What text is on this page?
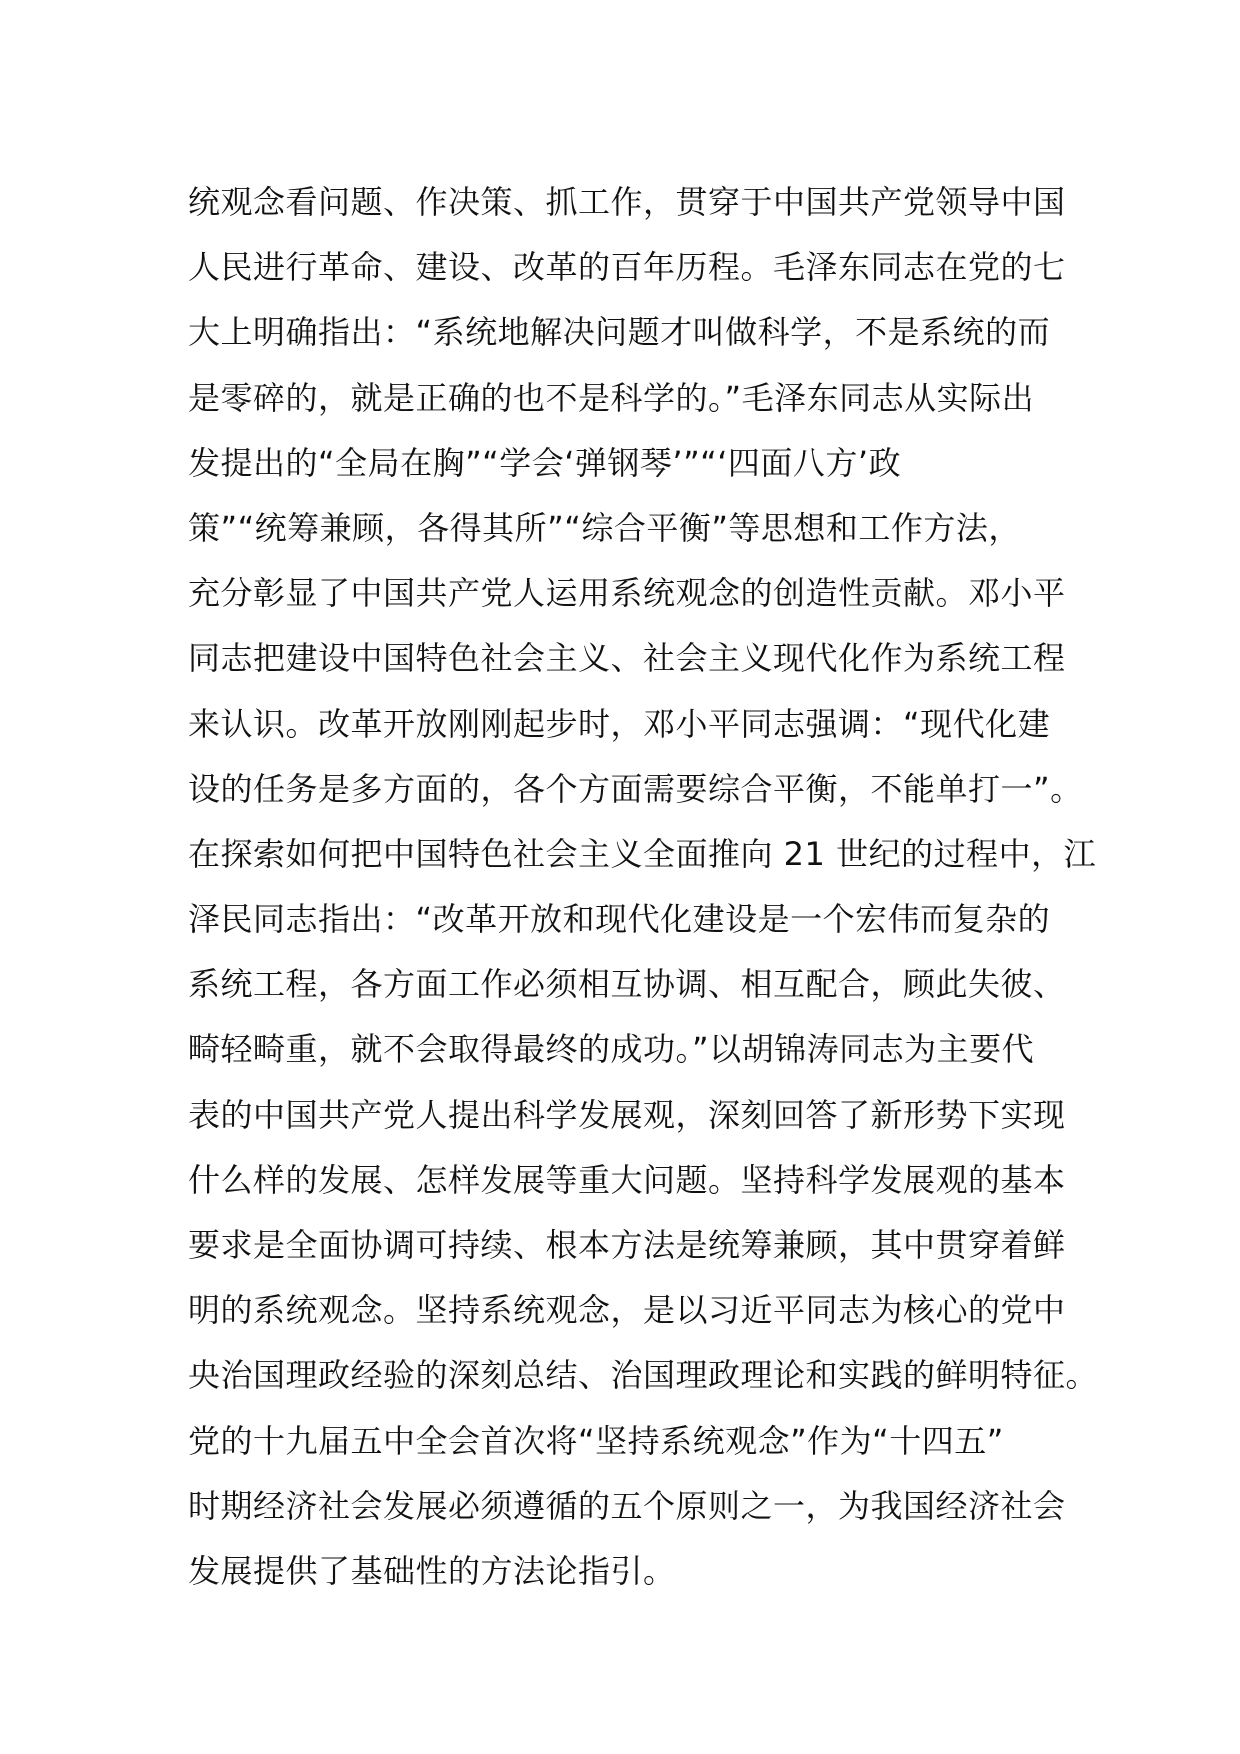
统观念看问题、作决策、抓工作，贯穿于中国共产党领导中国
人民进行革命、建设、改革的百年历程。毛泽东同志在党的七
大上明确指出：“系统地解决问题才叫做科学，不是系统的而
是零碎的，就是正确的也不是科学的。”毛泽东同志从实际出
发提出的“全局在胸”“学会‘弹钢琴’”“‘四面八方’政
策”“统筹兼顾，各得其所”“综合平衡”等思想和工作方法，
充分彰显了中国共产党人运用系统观念的创造性贡献。邓小平
同志把建设中国特色社会主义、社会主义现代化作为系统工程
来认识。改革开放刚刚起步时，邓小平同志强调：“现代化建
设的任务是多方面的，各个方面需要综合平衡，不能单打一”。
在探索如何把中国特色社会主义全面推向 21 世纪的过程中，江
泽民同志指出：“改革开放和现代化建设是一个宏伟而复杂的
系统工程，各方面工作必须相互协调、相互配合，顾此失彼、
畸轻畸重，就不会取得最终的成功。”以胡锦涛同志为主要代
表的中国共产党人提出科学发展观，深刻回答了新形势下实现
什么样的发展、怎样发展等重大问题。坚持科学发展观的基本
要求是全面协调可持续、根本方法是统筹兼顾，其中贯穿着鲜
明的系统观念。坚持系统观念，是以习近平同志为核心的党中
央治国理政经验的深刻总结、治国理政理论和实践的鲜明特征。
党的十九届五中全会首次将“坚持系统观念”作为“十四五”
时期经济社会发展必须遵循的五个原则之一，为我国经济社会
发展提供了基础性的方法论指引。
